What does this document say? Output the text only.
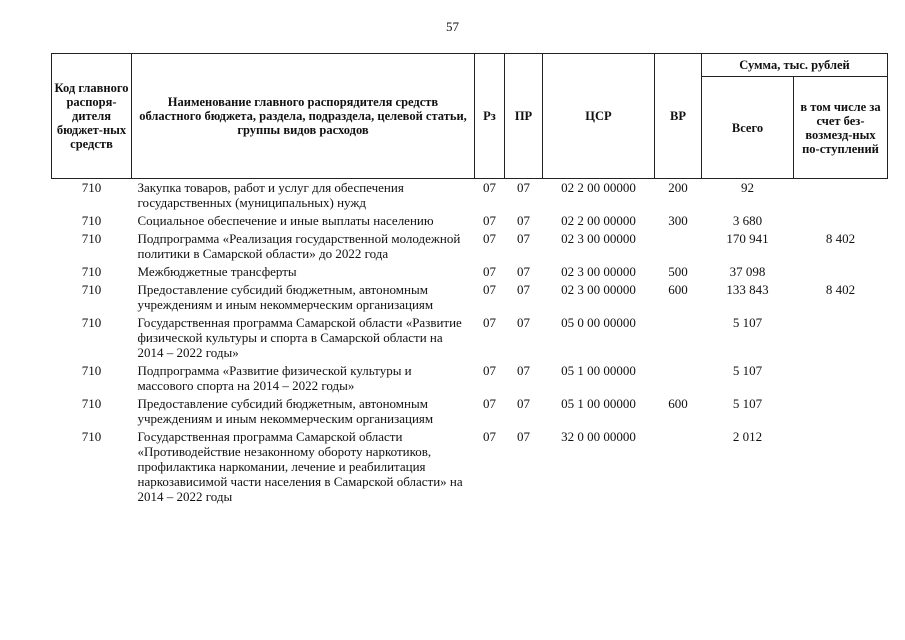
57
Код главного распоря-дителя бюджет-ных средств	Наименование главного распорядителя средств областного бюджета, раздела, подраздела, целевой статьи, группы видов расходов	Рз	ПР	ЦСР	ВР	Сумма, тыс. рублей	
						Всего	в том числе за счет без-возмезд-ных по-ступлений
710	Закупка товаров, работ и услуг для обеспечения государственных (муниципальных) нужд	07	07	02 2 00 00000	200	92	
710	Социальное обеспечение и иные выплаты населению	07	07	02 2 00 00000	300	3 680	
710	Подпрограмма «Реализация государственной молодежной политики в Самарской области» до 2022 года	07	07	02 3 00 00000		170 941	8 402
710	Межбюджетные трансферты	07	07	02 3 00 00000	500	37 098	
710	Предоставление субсидий бюджетным, автономным учреждениям и иным некоммерческим организациям	07	07	02 3 00 00000	600	133 843	8 402
710	Государственная программа Самарской области «Развитие физической культуры и спорта в Самарской области на 2014 – 2022 годы»	07	07	05 0 00 00000		5 107	
710	Подпрограмма «Развитие физической культуры и массового спорта на 2014 – 2022 годы»	07	07	05 1 00 00000		5 107	
710	Предоставление субсидий бюджетным, автономным учреждениям и иным некоммерческим организациям	07	07	05 1 00 00000	600	5 107	
710	Государственная программа Самарской области «Противодействие незаконному обороту наркотиков, профилактика наркомании, лечение и реабилитация наркозависимой части населения в Самарской области» на 2014 – 2022 годы	07	07	32 0 00 00000		2 012	
